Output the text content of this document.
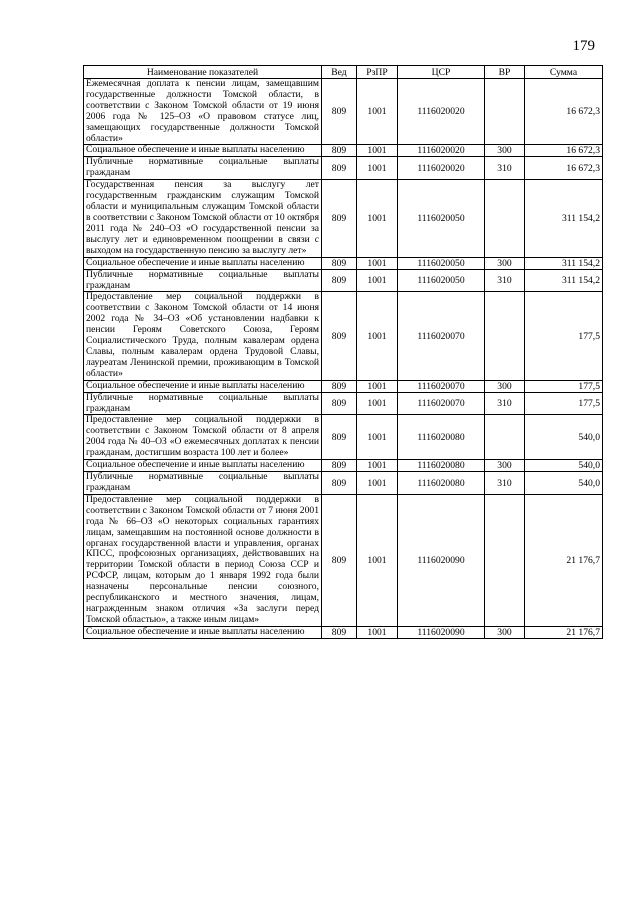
179
Наименование показателей	Вед	РзПР	ЦСР	ВР	Сумма
Ежемесячная доплата к пенсии лицам, замещавшим государственные должности Томской области, в соответствии с Законом Томской области от 19 июня 2006 года № 125–ОЗ «О правовом статусе лиц, замещающих государственные должности Томской области»	809	1001	1116020020		16 672,3
Социальное обеспечение и иные выплаты населению	809	1001	1116020020	300	16 672,3
Публичные нормативные социальные выплаты гражданам	809	1001	1116020020	310	16 672,3
Государственная пенсия за выслугу лет государственным гражданским служащим Томской области и муниципальным служащим Томской области в соответствии с Законом Томской области от 10 октября 2011 года № 240–ОЗ «О государственной пенсии за выслугу лет и единовременном поощрении в связи с выходом на государственную пенсию за выслугу лет»	809	1001	1116020050		311 154,2
Социальное обеспечение и иные выплаты населению	809	1001	1116020050	300	311 154,2
Публичные нормативные социальные выплаты гражданам	809	1001	1116020050	310	311 154,2
Предоставление мер социальной поддержки в соответствии с Законом Томской области от 14 июня 2002 года № 34–ОЗ «Об установлении надбавки к пенсии Героям Советского Союза, Героям Социалистического Труда, полным кавалерам ордена Славы, полным кавалерам ордена Трудовой Славы, лауреатам Ленинской премии, проживающим в Томской области»	809	1001	1116020070		177,5
Социальное обеспечение и иные выплаты населению	809	1001	1116020070	300	177,5
Публичные нормативные социальные выплаты гражданам	809	1001	1116020070	310	177,5
Предоставление мер социальной поддержки в соответствии с Законом Томской области от 8 апреля 2004 года № 40–ОЗ «О ежемесячных доплатах к пенсии гражданам, достигшим возраста 100 лет и более»	809	1001	1116020080		540,0
Социальное обеспечение и иные выплаты населению	809	1001	1116020080	300	540,0
Публичные нормативные социальные выплаты гражданам	809	1001	1116020080	310	540,0
Предоставление мер социальной поддержки в соответствии с Законом Томской области от 7 июня 2001 года № 66–ОЗ «О некоторых социальных гарантиях лицам, замещавшим на постоянной основе должности в органах государственной власти и управления, органах КПСС, профсоюзных организациях, действовавших на территории Томской области в период Союза ССР и РСФСР, лицам, которым до 1 января 1992 года были назначены персональные пенсии союзного, республиканского и местного значения, лицам, награжденным знаком отличия «За заслуги перед Томской областью», а также иным лицам»	809	1001	1116020090		21 176,7
Социальное обеспечение и иные выплаты населению	809	1001	1116020090	300	21 176,7
